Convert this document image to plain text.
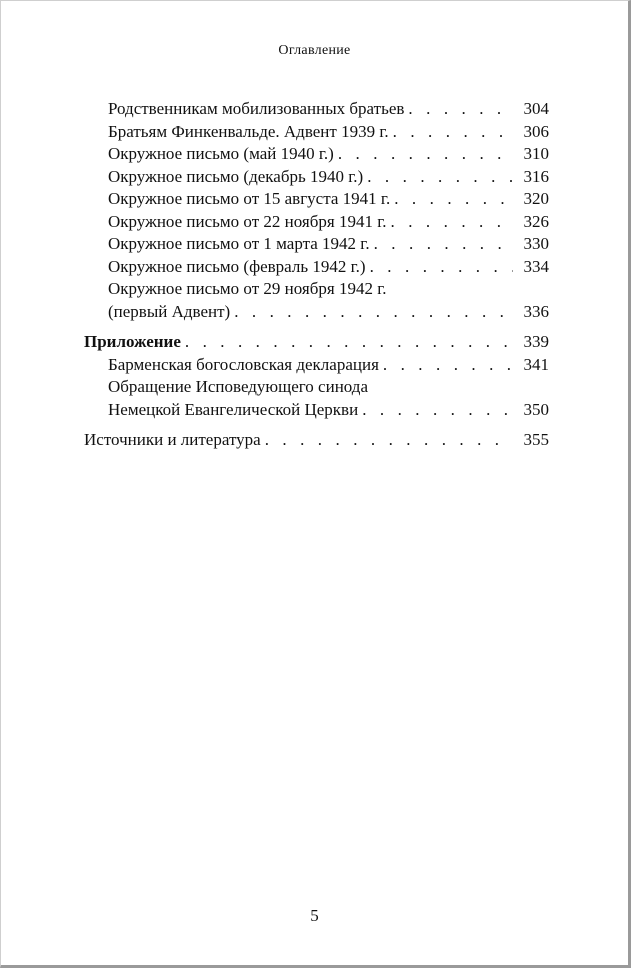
Оглавление
Родственникам мобилизованных братьев . . .	304
Братьям Финкенвальде. Адвент 1939 г. . . .	306
Окружное письмо (май 1940 г.) . . .	310
Окружное письмо (декабрь 1940 г.) . . .	316
Окружное письмо от 15 августа 1941 г. . . .	320
Окружное письмо от 22 ноября 1941 г. . . .	326
Окружное письмо от 1 марта 1942 г. . . .	330
Окружное письмо (февраль 1942 г.) . . .	334
Окружное письмо от 29 ноября 1942 г.
(первый Адвент) . . .	336
Приложение . . .	339
Барменская богословская декларация . . .	341
Обращение Исповедующего синода
Немецкой Евангелической Церкви . . .	350
Источники и литература . . .	355
5
